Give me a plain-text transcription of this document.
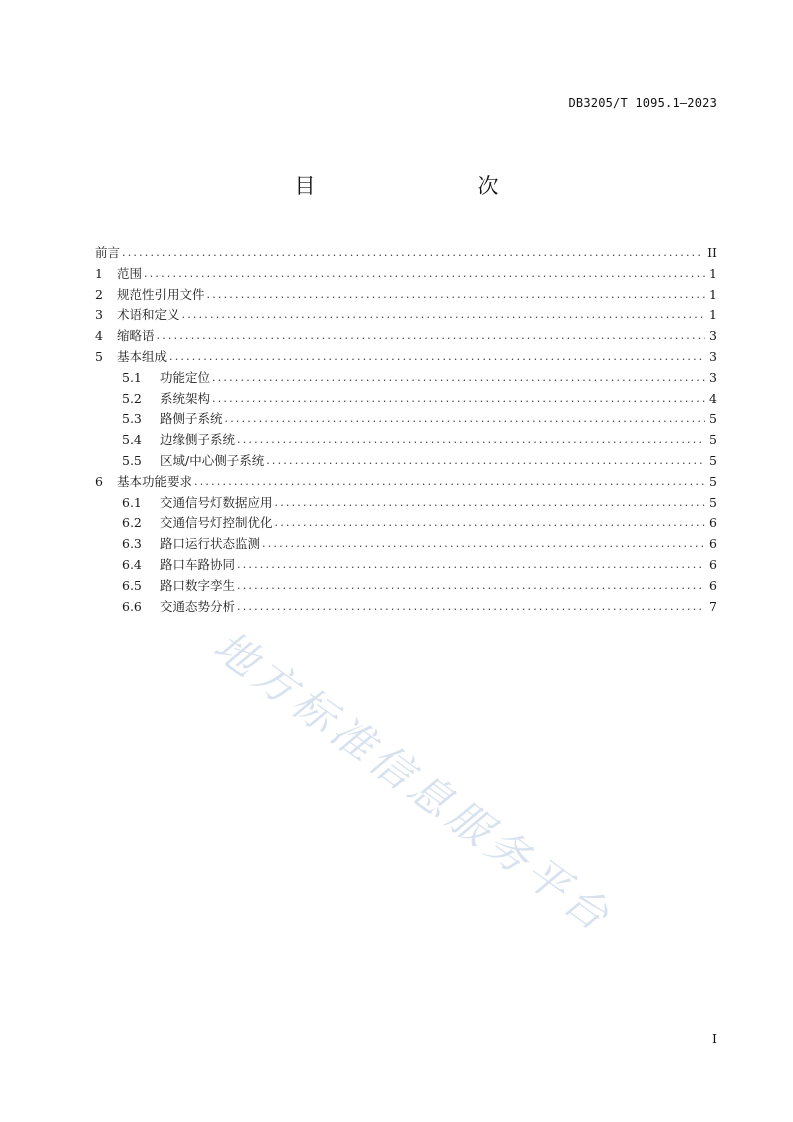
DB3205/T 1095.1—2023
目　　次
前言 .....	II
1	范围 .....	1
2	规范性引用文件 .....	1
3	术语和定义 .....	1
4	缩略语 .....	3
5	基本组成 .....	3
5.1	功能定位 .....	3
5.2	系统架构 .....	4
5.3	路侧子系统 .....	5
5.4	边缘侧子系统 .....	5
5.5	区域/中心侧子系统 .....	5
6	基本功能要求 .....	5
6.1	交通信号灯数据应用 .....	5
6.2	交通信号灯控制优化 .....	6
6.3	路口运行状态监测 .....	6
6.4	路口车路协同 .....	6
6.5	路口数字孪生 .....	6
6.6	交通态势分析 .....	7
地方标准信息服务平台
I
